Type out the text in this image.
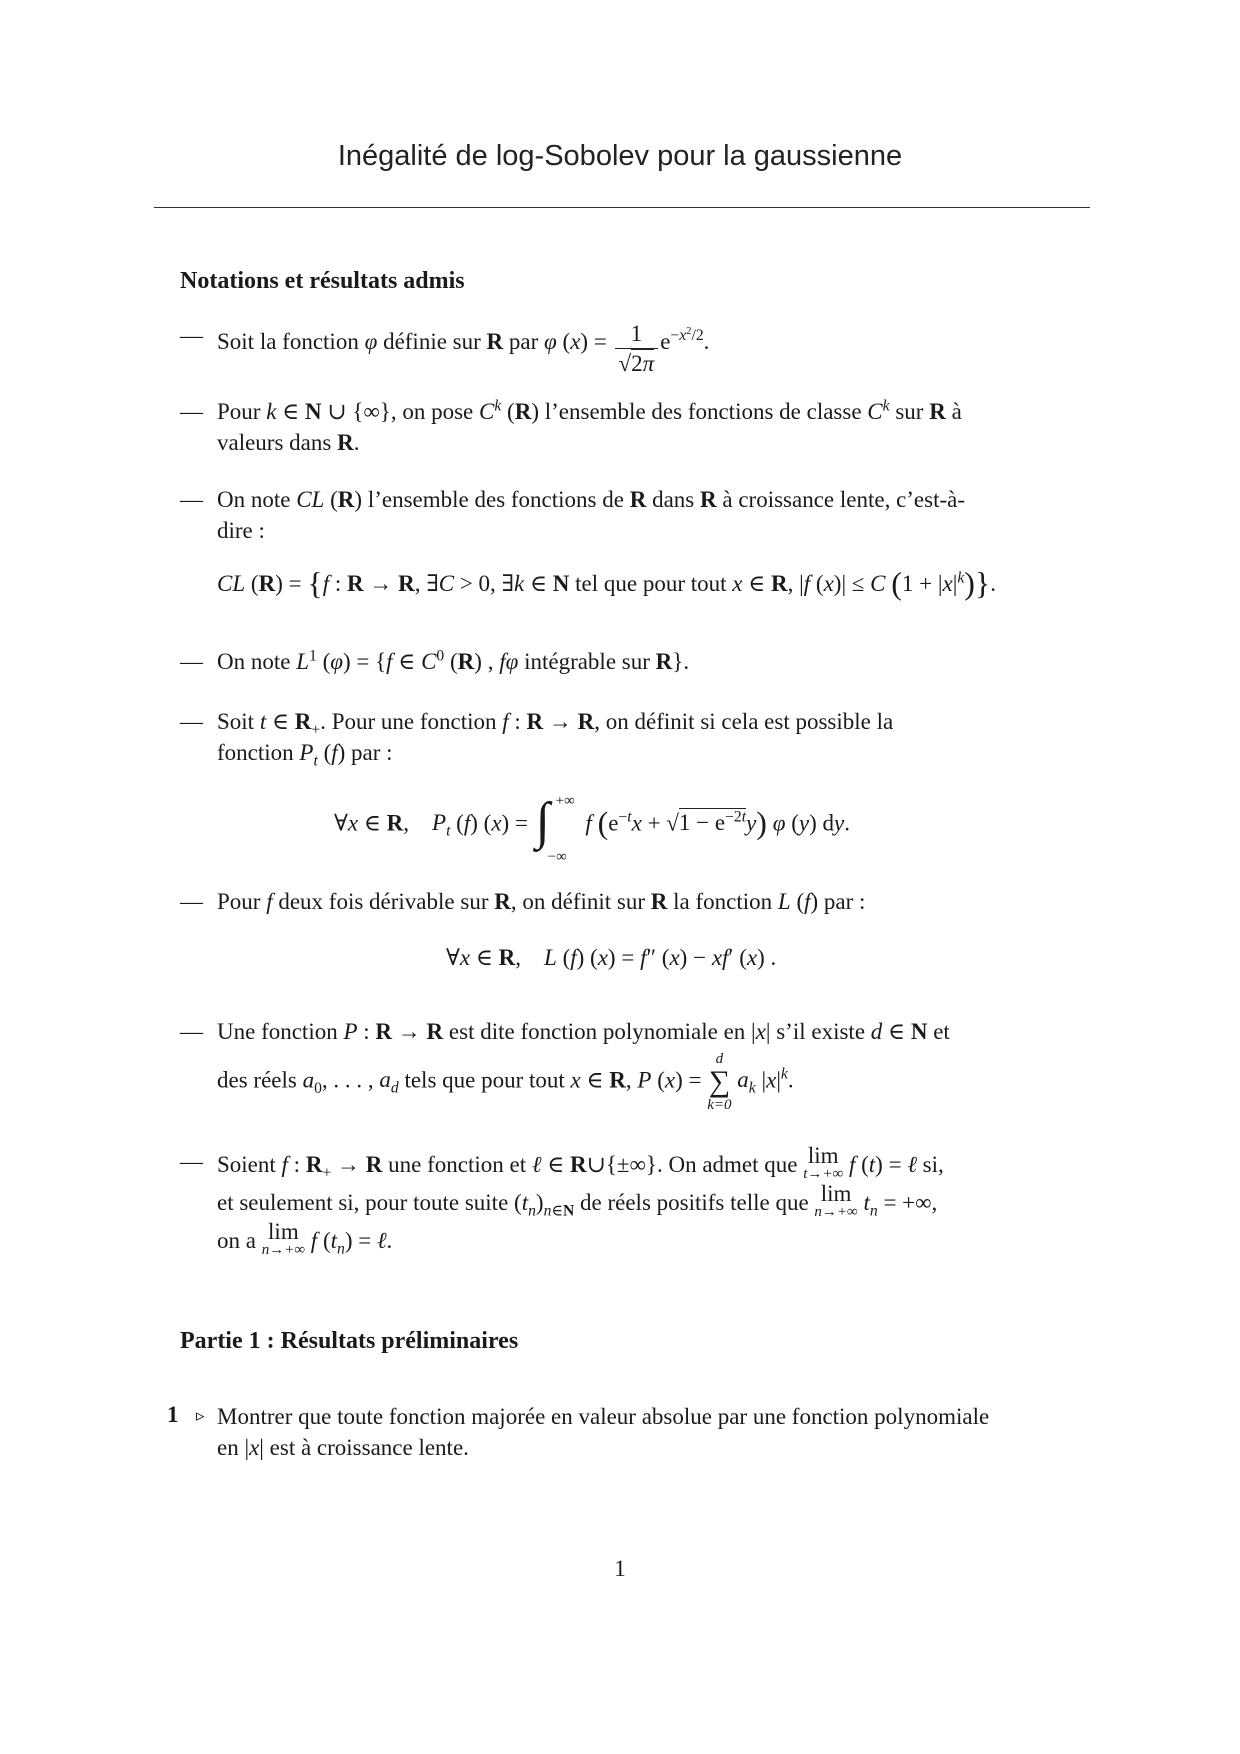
Inégalité de log-Sobolev pour la gaussienne
Notations et résultats admis
— Soit la fonction φ définie sur R par φ $(x) = \frac{1}{√2\pi} e^{-x^2/2}$.
— Pour k ∈ N ∪ {∞}, on pose $C^k$ (R) l’ensemble des fonctions de classe $C^k$ sur R à
valeurs dans R.
— On note CL (R) l’ensemble des fonctions de R dans R à croissance lente, c’est-à-
dire :
CL (R) = {f : R → R, ∃C > 0, ∃k ∈ N tel que pour tout x ∈ R, |f (x)| ≤ C $(1 + |x|^k)$}.
— On note $L^1$ (φ) = {f ∈ $C^0$ (R) , fφ intégrable sur R}.
— Soit t ∈ $R_+$. Pour une fonction f : R → R, on définit si cela est possible la
fonction $P_t$ (f) par :
∀x ∈ R,    $P_t$ (f) (x) = ∫ +∞
−∞
f $(e^{-t}x + √1 - e^{-2t}y)$ φ (y) dy.
— Pour f deux fois dérivable sur R, on définit sur R la fonction L (f) par :
∀x ∈ R,    L (f) (x) = f″ (x) − xf′ (x) .
— Une fonction P : R → R est dite fonction polynomiale en |x| s’il existe d ∈ N et
des réels $a_0$, . . . , $a_d$ tels que pour tout x ∈ R, P (x) =
d
∑
k=0
$a_k$ $|x|^k$.
— Soient f : $R_+ \to R$ une fonction et ℓ ∈ R∪{±∞}. On admet que lim
t→+∞ f (t) = ℓ si,
et seulement si, pour toute suite $(t_n)_{n\in N}$ de réels positifs telle que lim
n→+∞ $t_n$ = +∞,
on a lim
n→+∞ f $(t_n)$ = ℓ.
Partie 1 : Résultats préliminaires
1 ▹ Montrer que toute fonction majorée en valeur absolue par une fonction polynomiale
en |x| est à croissance lente.
1
